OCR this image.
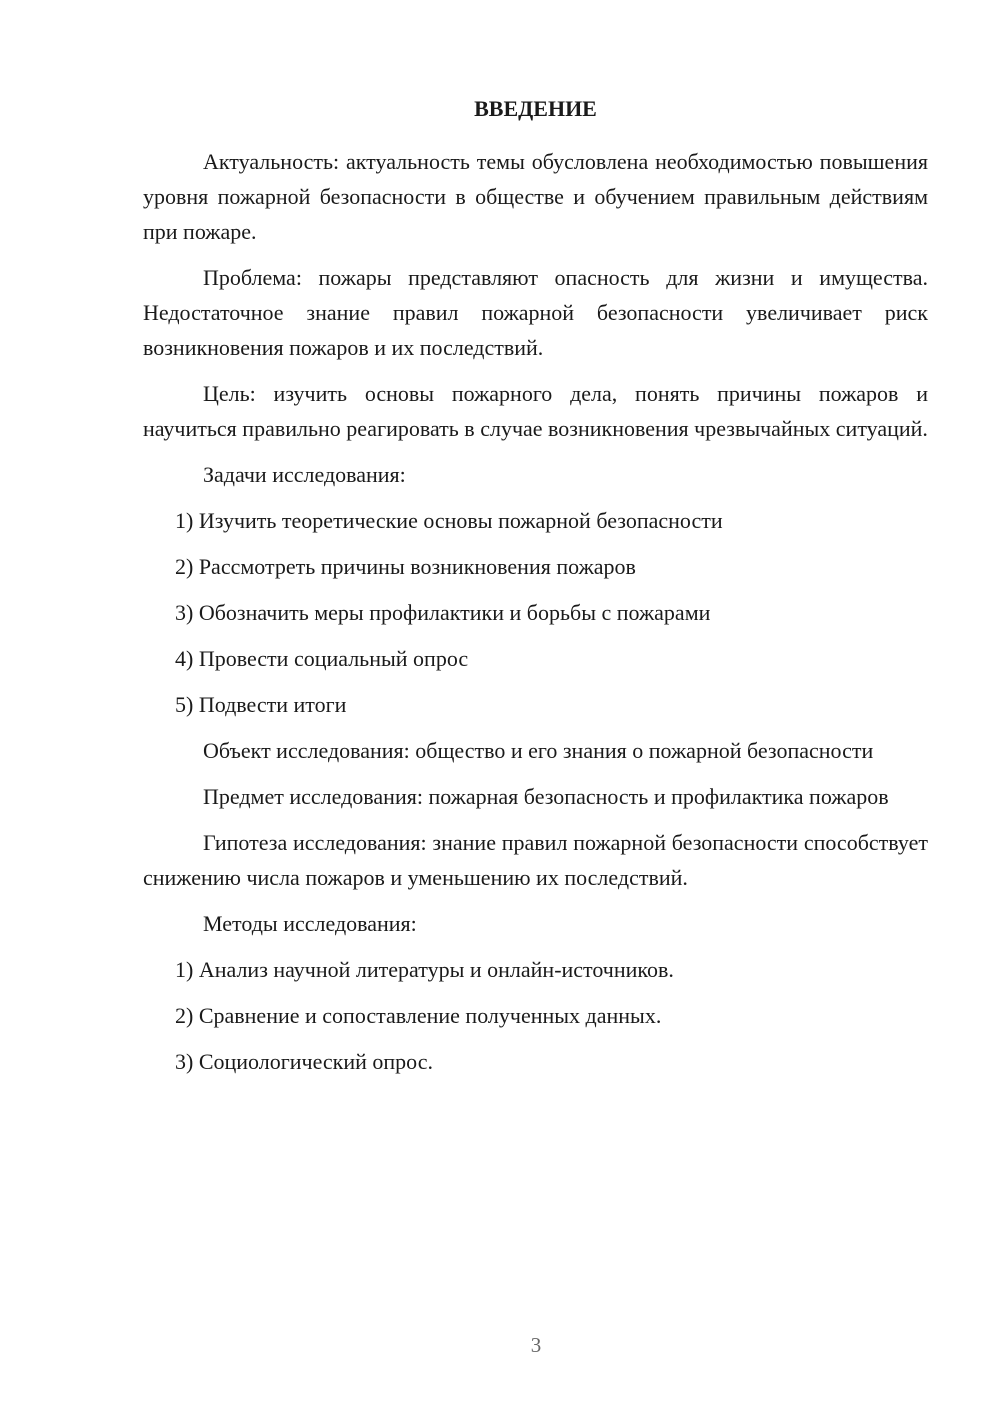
ВВЕДЕНИЕ

Актуальность: актуальность темы обусловлена необходимостью повышения уровня пожарной безопасности в обществе и обучением правильным действиям при пожаре.

Проблема: пожары представляют опасность для жизни и имущества. Недостаточное знание правил пожарной безопасности увеличивает риск возникновения пожаров и их последствий.

Цель: изучить основы пожарного дела, понять причины пожаров и научиться правильно реагировать в случае возникновения чрезвычайных ситуаций.

Задачи исследования:

1) Изучить теоретические основы пожарной безопасности
2) Рассмотреть причины возникновения пожаров
3) Обозначить меры профилактики и борьбы с пожарами
4) Провести социальный опрос
5) Подвести итоги

Объект исследования: общество и его знания о пожарной безопасности

Предмет исследования: пожарная безопасность и профилактика пожаров

Гипотеза исследования: знание правил пожарной безопасности способствует снижению числа пожаров и уменьшению их последствий.

Методы исследования:

1) Анализ научной литературы и онлайн-источников.
2) Сравнение и сопоставление полученных данных.
3) Социологический опрос.
3
